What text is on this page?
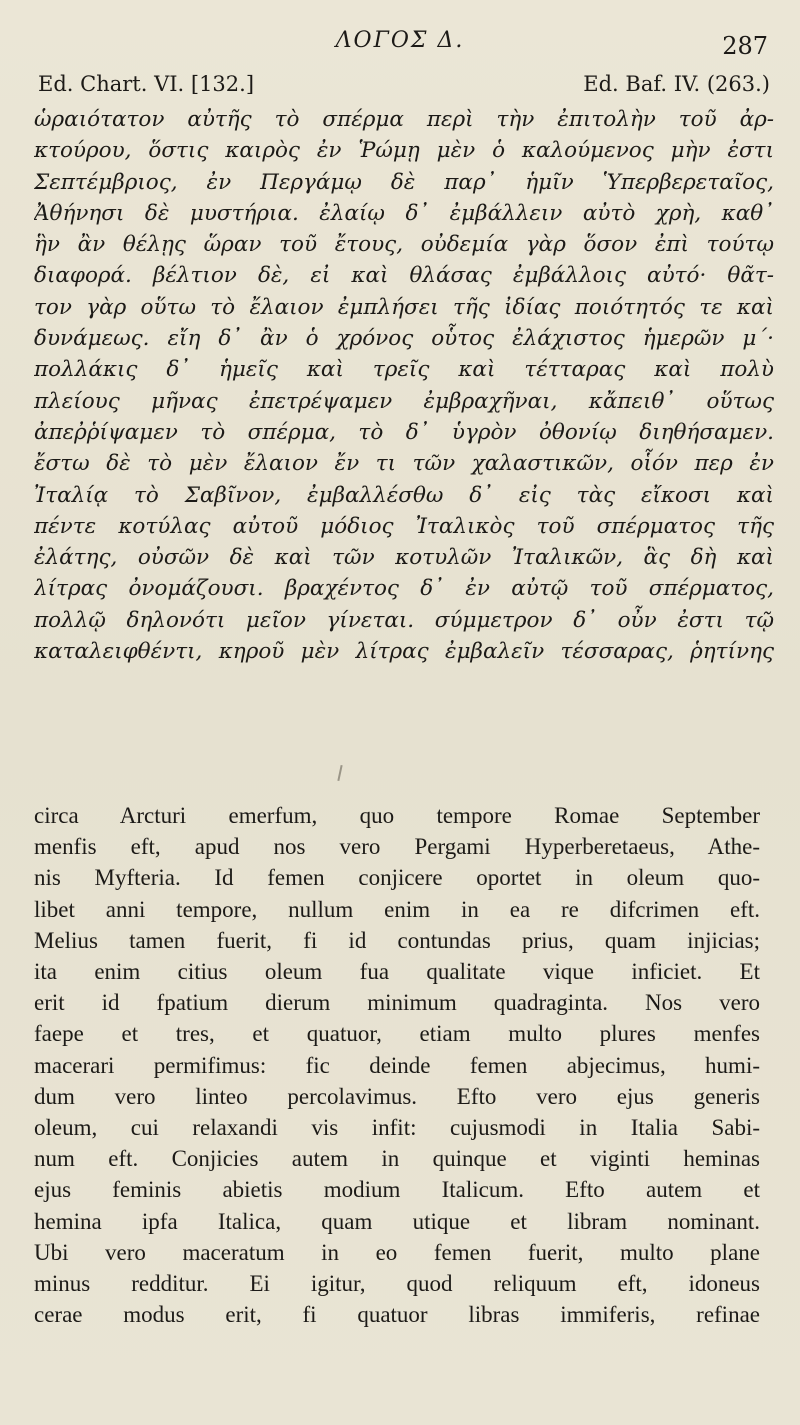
ΛΟΓΟΣ Δ.	287
Ed. Chart. VI. [132.]	Ed. Baf. IV. (263.)
ὡραιότατον αὐτῆς τὸ σπέρμα περὶ τὴν ἐπιτολὴν τοῦ ἀρ-
κτούρου, ὅστις καιρὸς ἐν Ῥώμῃ μὲν ὁ καλούμενος μὴν ἐστι
Σεπτέμβριος, ἐν Περγάμῳ δὲ παρ᾽ ἡμῖν Ὑπερβερεταῖος,
Ἀθήνησι δὲ μυστήρια. ἐλαίῳ δ᾽ ἐμβάλλειν αὐτὸ χρὴ, καθ᾽
ἣν ἂν θέλῃς ὥραν τοῦ ἔτους, οὐδεμία γὰρ ὅσον ἐπὶ τούτῳ
διαφορά. βέλτιον δὲ, εἰ καὶ θλάσας ἐμβάλλοις αὐτό· θᾶτ-
τον γὰρ οὕτω τὸ ἔλαιον ἐμπλήσει τῆς ἰδίας ποιότητός τε καὶ
δυνάμεως. εἴη δ᾽ ἂν ὁ χρόνος οὗτος ἐλάχιστος ἡμερῶν μ΄·
πολλάκις δ᾽ ἡμεῖς καὶ τρεῖς καὶ τέτταρας καὶ πολὺ
πλείους μῆνας ἐπετρέψαμεν ἐμβραχῆναι, κἄπειθ᾽ οὕτως
ἀπεῤῥίψαμεν τὸ σπέρμα, τὸ δ᾽ ὑγρὸν ὀθονίῳ διηθήσαμεν.
ἔστω δὲ τὸ μὲν ἔλαιον ἔν τι τῶν χαλαστικῶν, οἷόν περ ἐν
Ἰταλίᾳ τὸ Σαβῖνον, ἐμβαλλέσθω δ᾽ εἰς τὰς εἴκοσι καὶ
πέντε κοτύλας αὐτοῦ μόδιος Ἰταλικὸς τοῦ σπέρματος τῆς
ἐλάτης, οὐσῶν δὲ καὶ τῶν κοτυλῶν Ἰταλικῶν, ἃς δὴ καὶ
λίτρας ὀνομάζουσι. βραχέντος δ᾽ ἐν αὐτῷ τοῦ σπέρματος,
πολλῷ δηλονότι μεῖον γίνεται. σύμμετρον δ᾽ οὖν ἐστι τῷ
καταλειφθέντι, κηροῦ μὲν λίτρας ἐμβαλεῖν τέσσαρας, ῥητίνης
circa Arcturi emerfum, quo tempore Romae September
menfis eft, apud nos vero Pergami Hyperberetaeus, Athe-
nis Myfteria. Id femen conjicere oportet in oleum quo-
libet anni tempore, nullum enim in ea re difcrimen eft.
Melius tamen fuerit, fi id contundas prius, quam injicias;
ita enim citius oleum fua qualitate vique inficiet. Et
erit id fpatium dierum minimum quadraginta. Nos vero
faepe et tres, et quatuor, etiam multo plures menfes
macerari permifimus: fic deinde femen abjecimus, humi-
dum vero linteo percolavimus. Efto vero ejus generis
oleum, cui relaxandi vis infit: cujusmodi in Italia Sabi-
num eft. Conjicies autem in quinque et viginti heminas
ejus feminis abietis modium Italicum. Efto autem et
hemina ipfa Italica, quam utique et libram nominant.
Ubi vero maceratum in eo femen fuerit, multo plane
minus redditur. Ei igitur, quod reliquum eft, idoneus
cerae modus erit, fi quatuor libras immiferis, refinae
